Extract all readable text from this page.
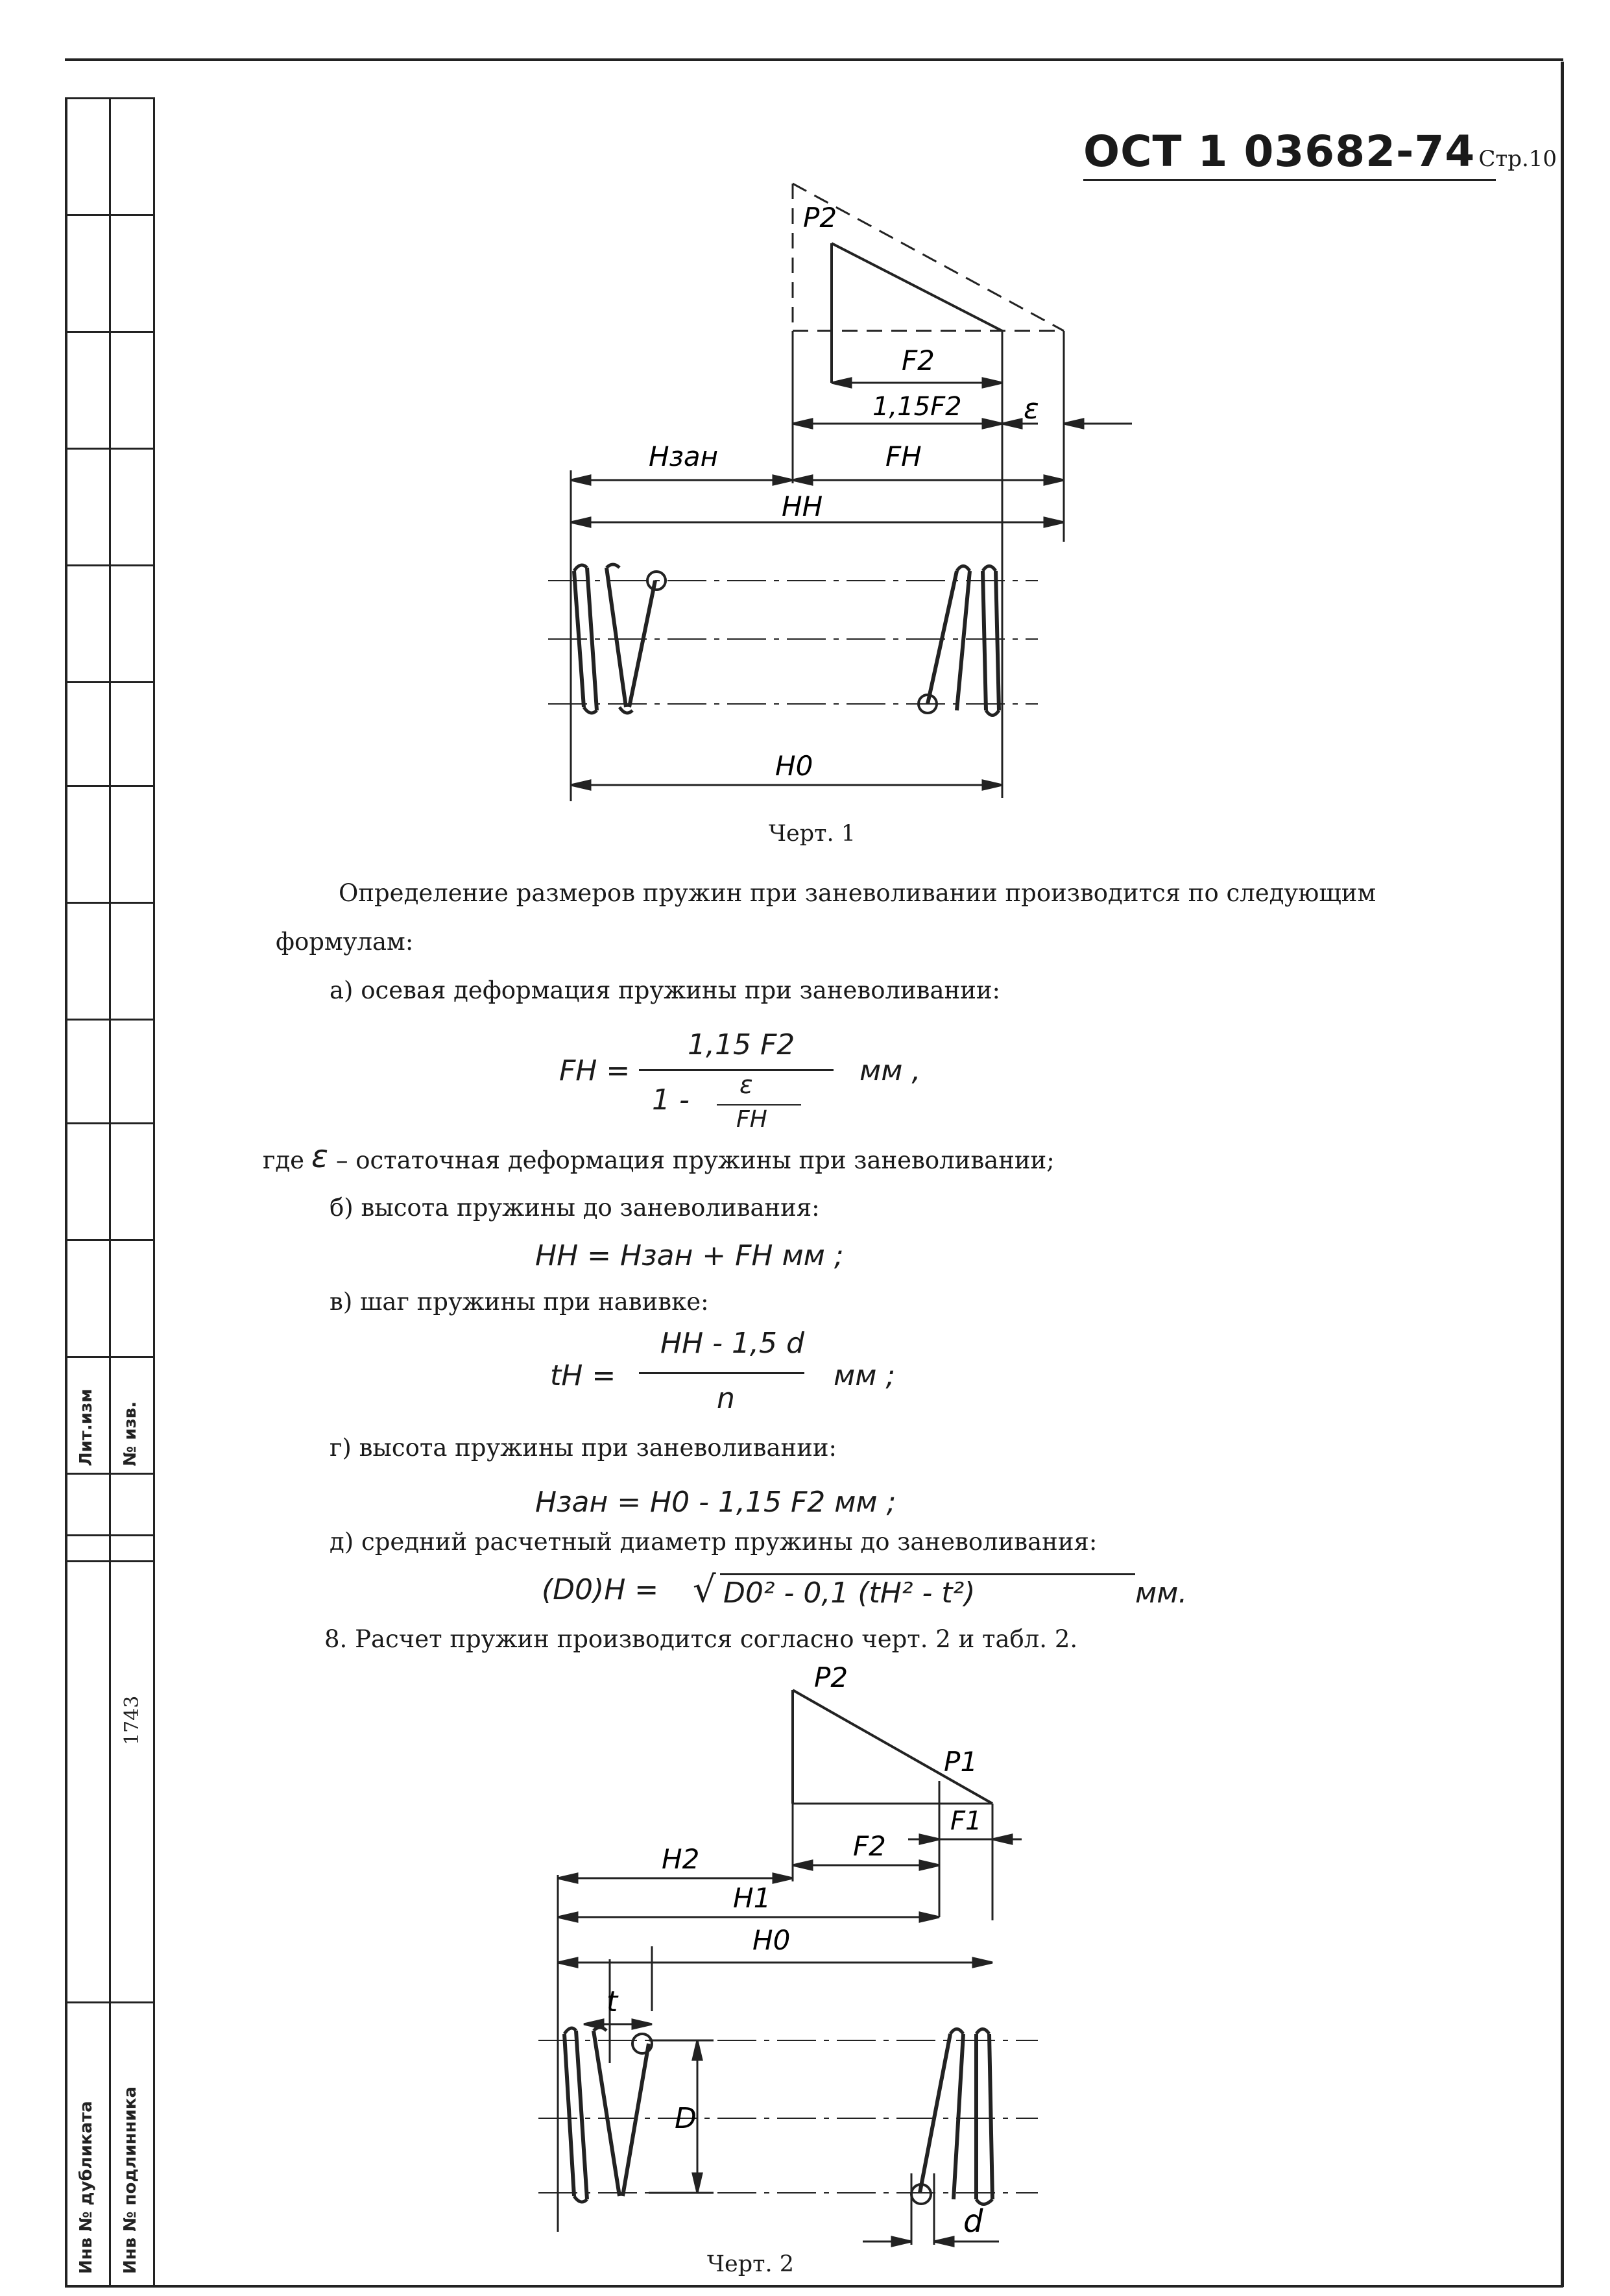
Лит.изм № изв.
1743
Инв № дубликата Инв № подлинника
ОСТ 1 03682-74 Стр.10
P2
F2
1,15F2 ε
Hзан	FН
HН
H0
Черт. 1
Определение размеров пружин при заневоливании производится по следующим
формулам:
а) осевая деформация пружины при заневоливании:
FН =
1,15 F2
1 - ε
FН
мм ,
где ε – остаточная деформация пружины при заневоливании;
б) высота пружины до заневоливания:
HН = Hзан + FН мм ;
в) шаг пружины при навивке:
tН =
HН - 1,5 d
n
мм ;
г) высота пружины при заневоливании:
Hзан = H0 - 1,15 F2 мм ;
д) средний расчетный диаметр пружины до заневоливания:
(D0)Н = √ D0² - 0,1 (tН² - t²)	мм.
8. Расчет пружин производится согласно черт. 2 и табл. 2.
P2
P1
F1
F2
H2
H1
H0
t
D
d
Черт. 2
